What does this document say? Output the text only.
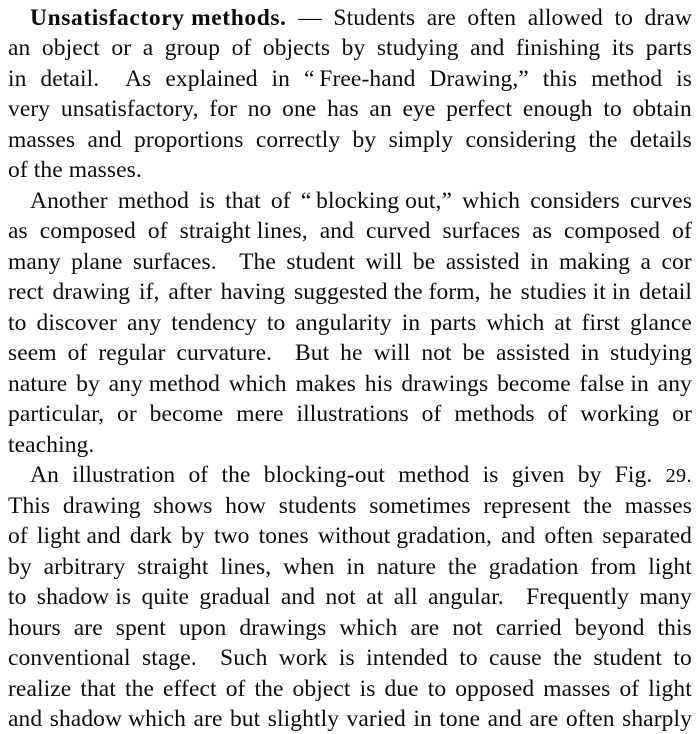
Unsatisfactory methods. — Students are often allowed to draw
an object or a group of objects by studying and finishing its parts
in detail. As explained in “ Free-hand Drawing,” this method is
very unsatisfactory, for no one has an eye perfect enough to obtain
masses and proportions correctly by simply considering the details
of the masses.
Another method is that of “ blocking out,” which considers curves
as composed of straight lines, and curved surfaces as composed of
many plane surfaces. The student will be assisted in making a cor
rect drawing if, after having suggested the form, he studies it in detail
to discover any tendency to angularity in parts which at first glance
seem of regular curvature. But he will not be assisted in studying
nature by any method which makes his drawings become false in any
particular, or become mere illustrations of methods of working or
teaching.
An illustration of the blocking-out method is given by Fig. 29.
This drawing shows how students sometimes represent the masses
of light and dark by two tones without gradation, and often separated
by arbitrary straight lines, when in nature the gradation from light
to shadow is quite gradual and not at all angular. Frequently many
hours are spent upon drawings which are not carried beyond this
conventional stage. Such work is intended to cause the student to
realize that the effect of the object is due to opposed masses of light
and shadow which are but slightly varied in tone and are often sharply
